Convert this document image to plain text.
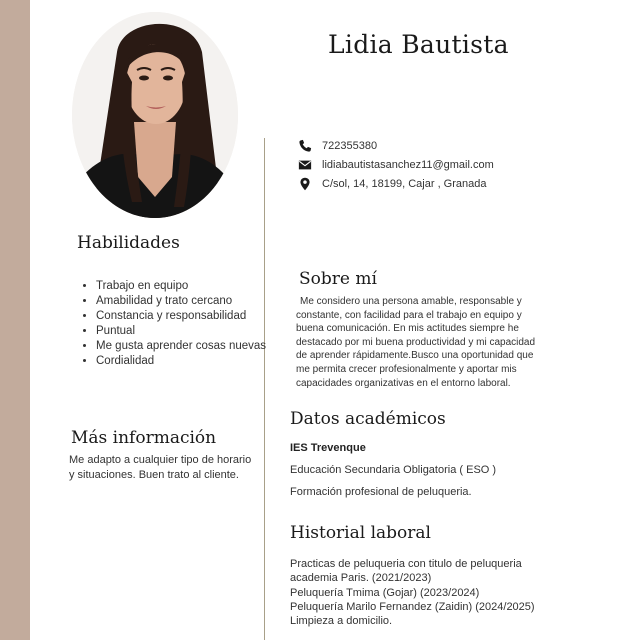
Lidia Bautista
722355380
lidiabautistasanchez11@gmail.com
C/sol, 14, 18199, Cajar , Granada
Habilidades
• Trabajo en equipo
• Amabilidad y trato cercano
• Constancia y responsabilidad
• Puntual
• Me gusta aprender cosas nuevas
• Cordialidad
Más información
Me adapto a cualquier tipo de horario y situaciones. Buen trato al cliente.
Sobre mí
Me considero una persona amable, responsable y constante, con facilidad para el trabajo en equipo y buena comunicación. En mis actitudes siempre he destacado por mi buena productividad y mi capacidad de aprender rápidamente.Busco una oportunidad que me permita crecer profesionalmente y aportar mis capacidades organizativas en el entorno laboral.
Datos académicos
IES Trevenque
Educación Secundaria Obligatoria ( ESO )
Formación profesional de peluqueria.
Historial laboral
Practicas de peluqueria con titulo de peluqueria academia Paris. (2021/2023)
Peluquería Tmima (Gojar) (2023/2024)
Peluquería Marilo Fernandez (Zaidin) (2024/2025)
Limpieza a domicilio.
